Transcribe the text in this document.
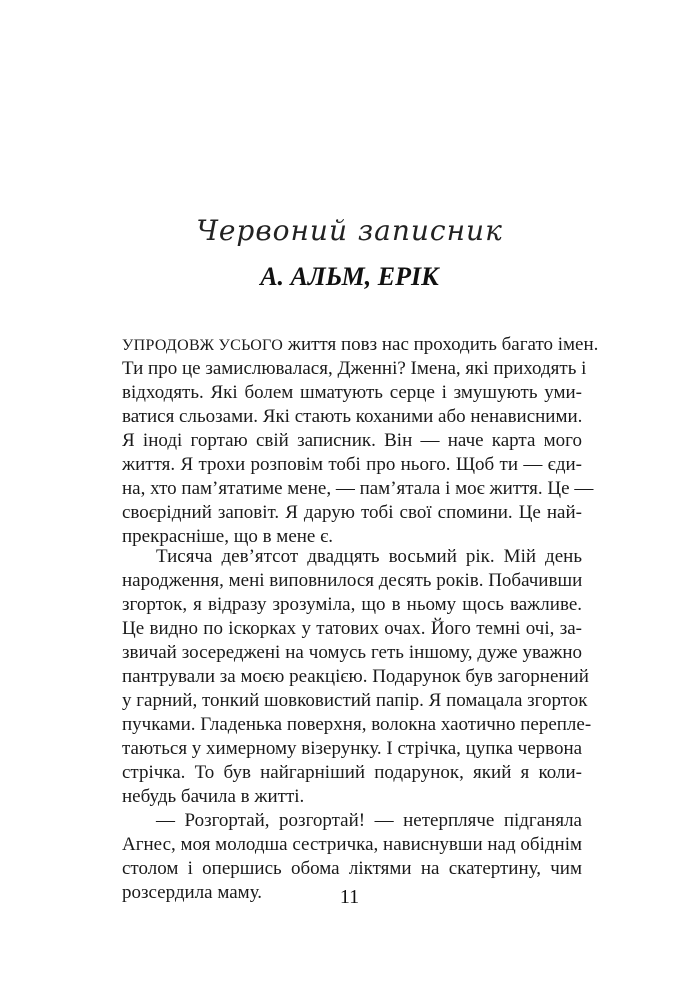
Червоний записник
А. АЛЬМ, ЕРІК
УПРОДОВЖ УСЬОГО життя повз нас проходить багато імен.
Ти про це замислювалася, Дженні? Імена, які приходять і
відходять. Які болем шматують серце і змушують уми-
ватися сльозами. Які стають коханими або ненависними.
Я іноді гортаю свій записник. Він — наче карта мого
життя. Я трохи розповім тобі про нього. Щоб ти — єди-
на, хто пам’ятатиме мене, — пам’ятала і моє життя. Це —
своєрідний заповіт. Я дарую тобі свої спомини. Це най-
прекрасніше, що в мене є.
Тисяча дев’ятсот двадцять восьмий рік. Мій день
народження, мені виповнилося десять років. Побачивши
згорток, я відразу зрозуміла, що в ньому щось важливе.
Це видно по іскорках у татових очах. Його темні очі, за-
звичай зосереджені на чомусь геть іншому, дуже уважно
пантрували за моєю реакцією. Подарунок був загорнений
у гарний, тонкий шовковистий папір. Я помацала згорток
пучками. Гладенька поверхня, волокна хаотично перепле-
таються у химерному візерунку. І стрічка, цупка червона
стрічка. То був найгарніший подарунок, який я коли-
небудь бачила в житті.
— Розгортай, розгортай! — нетерпляче підганяла
Агнес, моя молодша сестричка, нависнувши над обіднім
столом і опершись обома ліктями на скатертину, чим
розсердила маму.	11
